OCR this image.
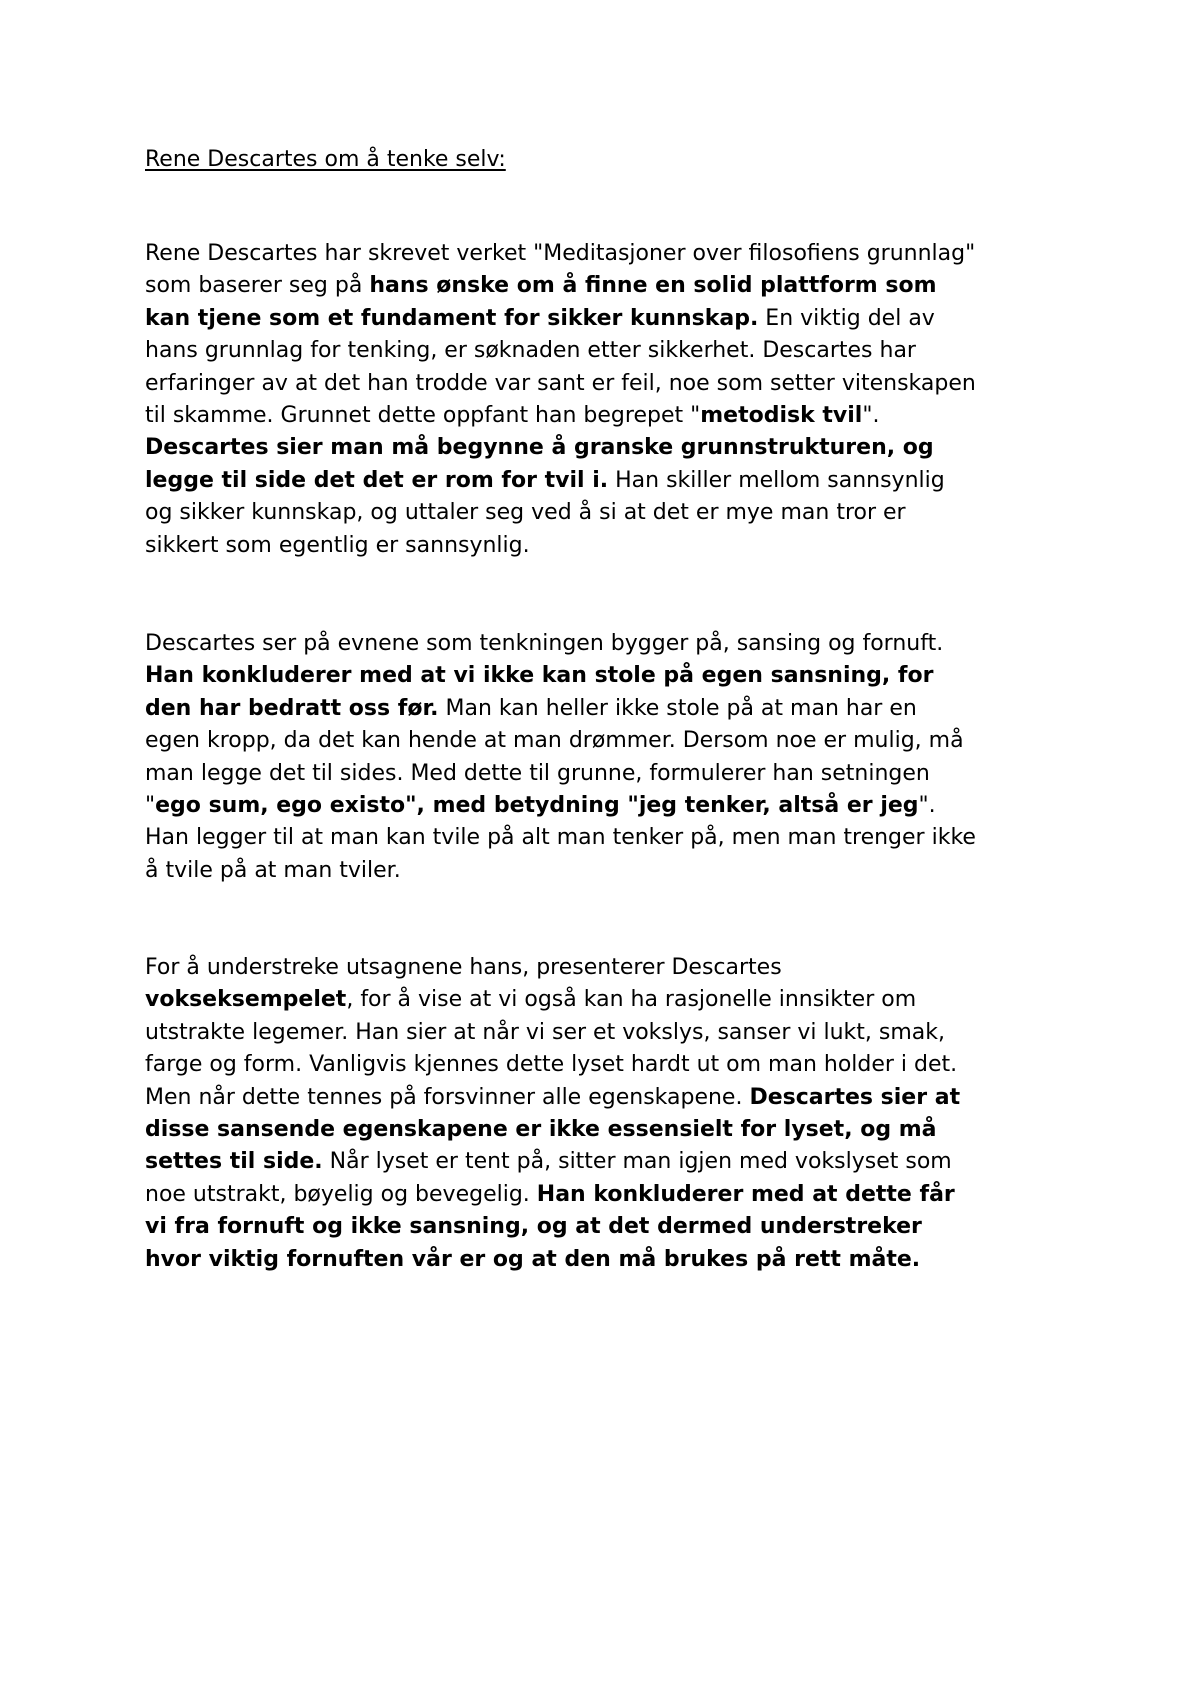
Rene Descartes om å tenke selv:
Rene Descartes har skrevet verket "Meditasjoner over filosofiens grunnlag"
som baserer seg på hans ønske om å finne en solid plattform som
kan tjene som et fundament for sikker kunnskap. En viktig del av
hans grunnlag for tenking, er søknaden etter sikkerhet. Descartes har
erfaringer av at det han trodde var sant er feil, noe som setter vitenskapen
til skamme. Grunnet dette oppfant han begrepet "metodisk tvil".
Descartes sier man må begynne å granske grunnstrukturen, og
legge til side det det er rom for tvil i. Han skiller mellom sannsynlig
og sikker kunnskap, og uttaler seg ved å si at det er mye man tror er
sikkert som egentlig er sannsynlig.
Descartes ser på evnene som tenkningen bygger på, sansing og fornuft.
Han konkluderer med at vi ikke kan stole på egen sansning, for
den har bedratt oss før. Man kan heller ikke stole på at man har en
egen kropp, da det kan hende at man drømmer. Dersom noe er mulig, må
man legge det til sides. Med dette til grunne, formulerer han setningen
"ego sum, ego existo", med betydning "jeg tenker, altså er jeg".
Han legger til at man kan tvile på alt man tenker på, men man trenger ikke
å tvile på at man tviler.
For å understreke utsagnene hans, presenterer Descartes
vokseksempelet, for å vise at vi også kan ha rasjonelle innsikter om
utstrakte legemer. Han sier at når vi ser et vokslys, sanser vi lukt, smak,
farge og form. Vanligvis kjennes dette lyset hardt ut om man holder i det.
Men når dette tennes på forsvinner alle egenskapene. Descartes sier at
disse sansende egenskapene er ikke essensielt for lyset, og må
settes til side. Når lyset er tent på, sitter man igjen med vokslyset som
noe utstrakt, bøyelig og bevegelig. Han konkluderer med at dette får
vi fra fornuft og ikke sansning, og at det dermed understreker
hvor viktig fornuften vår er og at den må brukes på rett måte.
